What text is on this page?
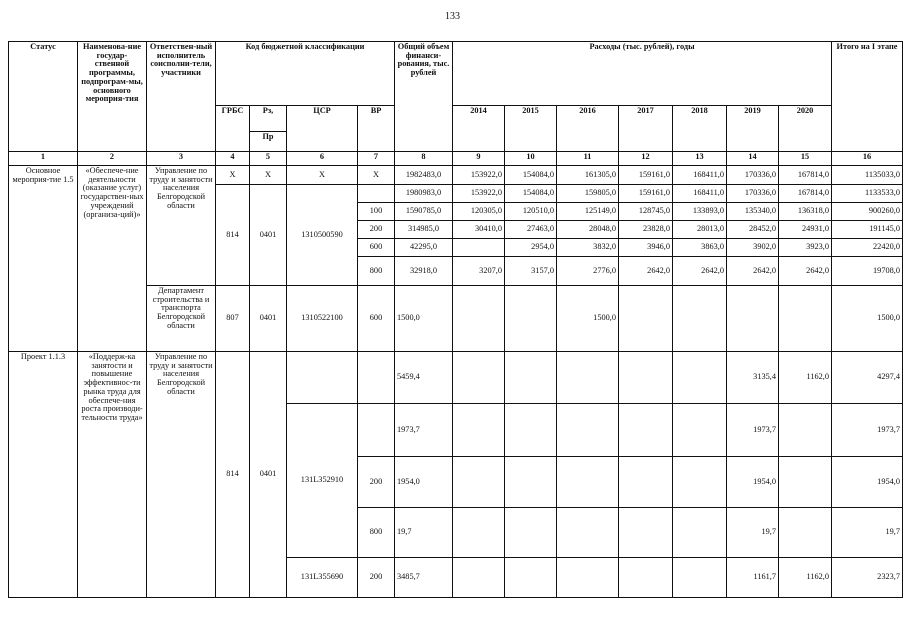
133
Статус	Наименова-ние государ-ственной программы, подпрограм-мы, основного мероприя-тия	Ответствен-ный исполнитель соисполни-тели, участники	Код бюджетной классификации				Общий объем финанси-рования, тыс. рублей	Расходы (тыс. рублей), годы							Итого на I этапе
			ГРБС	Рз,	ЦСР	ВР		2014	2015	2016	2017	2018	2019	2020	
				Пр											
1	2	3	4	5	6	7	8	9	10	11	12	13	14	15	16
Основное мероприя-тие 1.5	«Обеспече-ние деятельности (оказание услуг) государствен-ных учреждений (организа-ций)»	Управление по труду и занятости населения Белгородской области	Х	Х	Х	Х	1982483,0	153922,0	154084,0	161305,0	159161,0	168411,0	170336,0	167814,0	1135033,0
			814	0401	1310500590		1980983,0	153922,0	154084,0	159805,0	159161,0	168411,0	170336,0	167814,0	1133533,0
						100	1590785,0	120305,0	120510,0	125149,0	128745,0	133893,0	135340,0	136318,0	900260,0
						200	314985,0	30410,0	27463,0	28048,0	23828,0	28013,0	28452,0	24931,0	191145,0
						600	42295,0		2954,0	3832,0	3946,0	3863,0	3902,0	3923,0	22420,0
						800	32918,0	3207,0	3157,0	2776,0	2642,0	2642,0	2642,0	2642,0	19708,0
		Департамент строительства и транспорта Белгородской области	807	0401	1310522100	600	1500,0			1500,0					1500,0
Проект 1.1.3	«Поддерж-ка занятости и повышение эффективнос-ти рынка труда для обеспече-ния роста производи-тельности труда»	Управление по труду и занятости населения Белгородской области	814	0401			5459,4						3135,4	1162,0	4297,4
					131L352910		1973,7						1973,7		1973,7
						200	1954,0						1954,0		1954,0
						800	19,7						19,7		19,7
					131L355690	200	3485,7						1161,7	1162,0	2323,7
